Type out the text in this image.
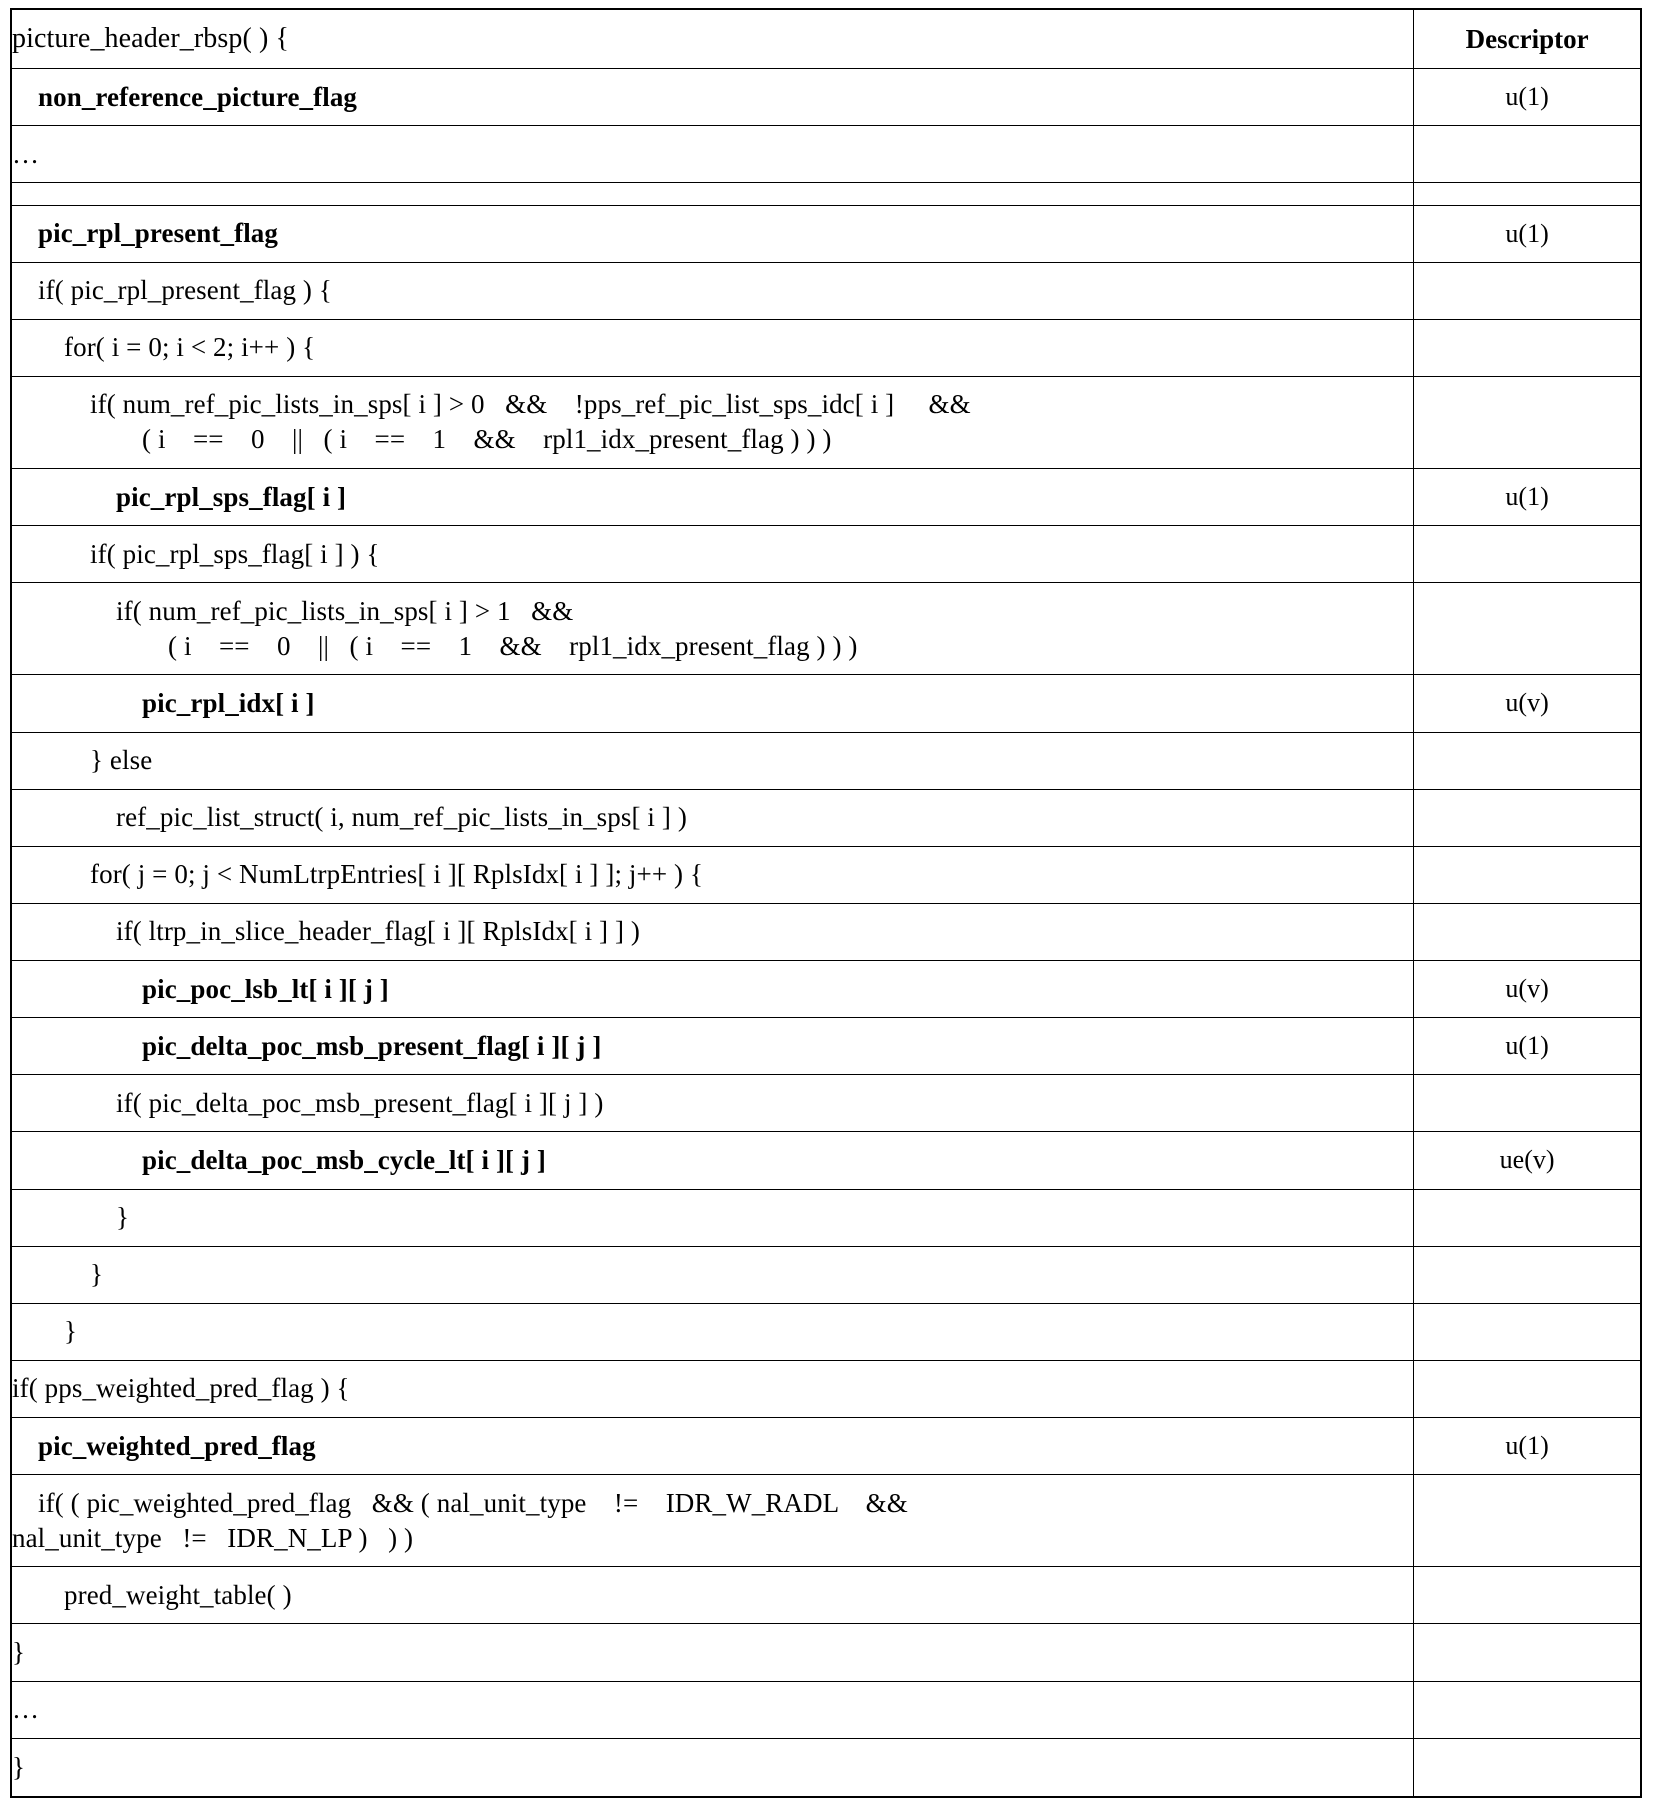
picture_header_rbsp( ) {	Descriptor

non_reference_picture_flag	u(1)

…	

pic_rpl_present_flag	u(1)

if( pic_rpl_present_flag ) {	

for( i = 0; i < 2; i++ ) {	

if( num_ref_pic_lists_in_sps[ i ] > 0   &&    !pps_ref_pic_list_sps_idc[ i ]     &&
( i    ==    0    ||   ( i    ==    1    &&    rpl1_idx_present_flag ) ) )	

pic_rpl_sps_flag[ i ]	u(1)

if( pic_rpl_sps_flag[ i ] ) {	

if( num_ref_pic_lists_in_sps[ i ] > 1   &&
( i    ==    0    ||   ( i    ==    1    &&    rpl1_idx_present_flag ) ) )	

pic_rpl_idx[ i ]	u(v)

} else	

ref_pic_list_struct( i, num_ref_pic_lists_in_sps[ i ] )	

for( j = 0; j < NumLtrpEntries[ i ][ RplsIdx[ i ] ]; j++ ) {	

if( ltrp_in_slice_header_flag[ i ][ RplsIdx[ i ] ] )	

pic_poc_lsb_lt[ i ][ j ]	u(v)

pic_delta_poc_msb_present_flag[ i ][ j ]	u(1)

if( pic_delta_poc_msb_present_flag[ i ][ j ] )	

pic_delta_poc_msb_cycle_lt[ i ][ j ]	ue(v)

}	

}	

}	

if( pps_weighted_pred_flag ) {	

pic_weighted_pred_flag	u(1)

if( ( pic_weighted_pred_flag   && ( nal_unit_type    !=    IDR_W_RADL    &&
nal_unit_type   !=   IDR_N_LP )   ) )	

pred_weight_table( )	

}	

…	

}	
